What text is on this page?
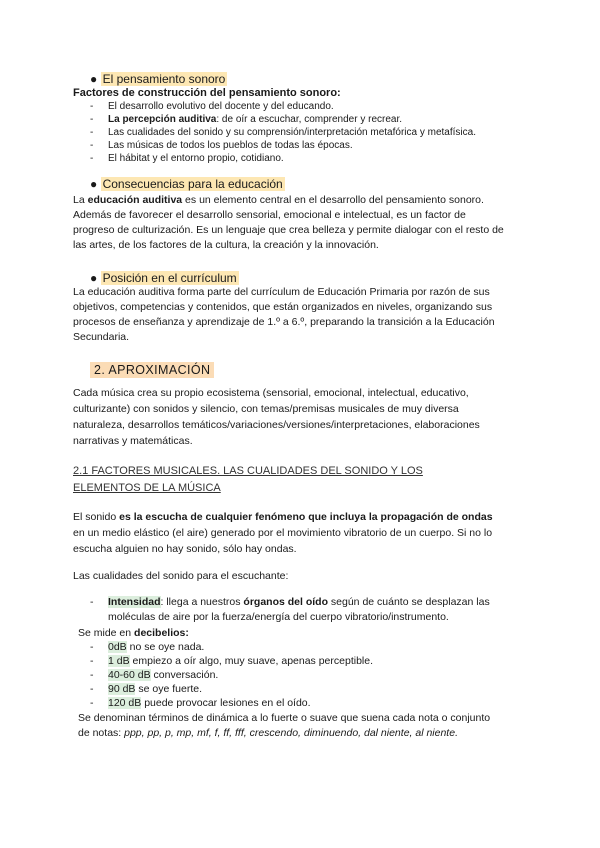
● El pensamiento sonoro
Factores de construcción del pensamiento sonoro:
- El desarrollo evolutivo del docente y del educando.
- La percepción auditiva: de oír a escuchar, comprender y recrear.
- Las cualidades del sonido y su comprensión/interpretación metafórica y metafísica.
- Las músicas de todos los pueblos de todas las épocas.
- El hábitat y el entorno propio, cotidiano.
● Consecuencias para la educación
La educación auditiva es un elemento central en el desarrollo del pensamiento sonoro.
Además de favorecer el desarrollo sensorial, emocional e intelectual, es un factor de
progreso de culturización. Es un lenguaje que crea belleza y permite dialogar con el resto de
las artes, de los factores de la cultura, la creación y la innovación.
● Posición en el currículum
La educación auditiva forma parte del currículum de Educación Primaria por razón de sus
objetivos, competencias y contenidos, que están organizados en niveles, organizando sus
procesos de enseñanza y aprendizaje de 1.º a 6.º, preparando la transición a la Educación
Secundaria.
2. APROXIMACIÓN
Cada música crea su propio ecosistema (sensorial, emocional, intelectual, educativo,
culturizante) con sonidos y silencio, con temas/premisas musicales de muy diversa
naturaleza, desarrollos temáticos/variaciones/versiones/interpretaciones, elaboraciones
narrativas y matemáticas.
2.1 FACTORES MUSICALES. LAS CUALIDADES DEL SONIDO Y LOS
ELEMENTOS DE LA MÚSICA
El sonido es la escucha de cualquier fenómeno que incluya la propagación de ondas
en un medio elástico (el aire) generado por el movimiento vibratorio de un cuerpo. Si no lo
escucha alguien no hay sonido, sólo hay ondas.
Las cualidades del sonido para el escuchante:
- Intensidad: llega a nuestros órganos del oído según de cuánto se desplazan las
moléculas de aire por la fuerza/energía del cuerpo vibratorio/instrumento.
Se mide en decibelios:
- 0dB no se oye nada.
- 1 dB empiezo a oír algo, muy suave, apenas perceptible.
- 40-60 dB conversación.
- 90 dB se oye fuerte.
- 120 dB puede provocar lesiones en el oído.
Se denominan términos de dinámica a lo fuerte o suave que suena cada nota o conjunto
de notas: ppp, pp, p, mp, mf, f, ff, fff, crescendo, diminuendo, dal niente, al niente.
